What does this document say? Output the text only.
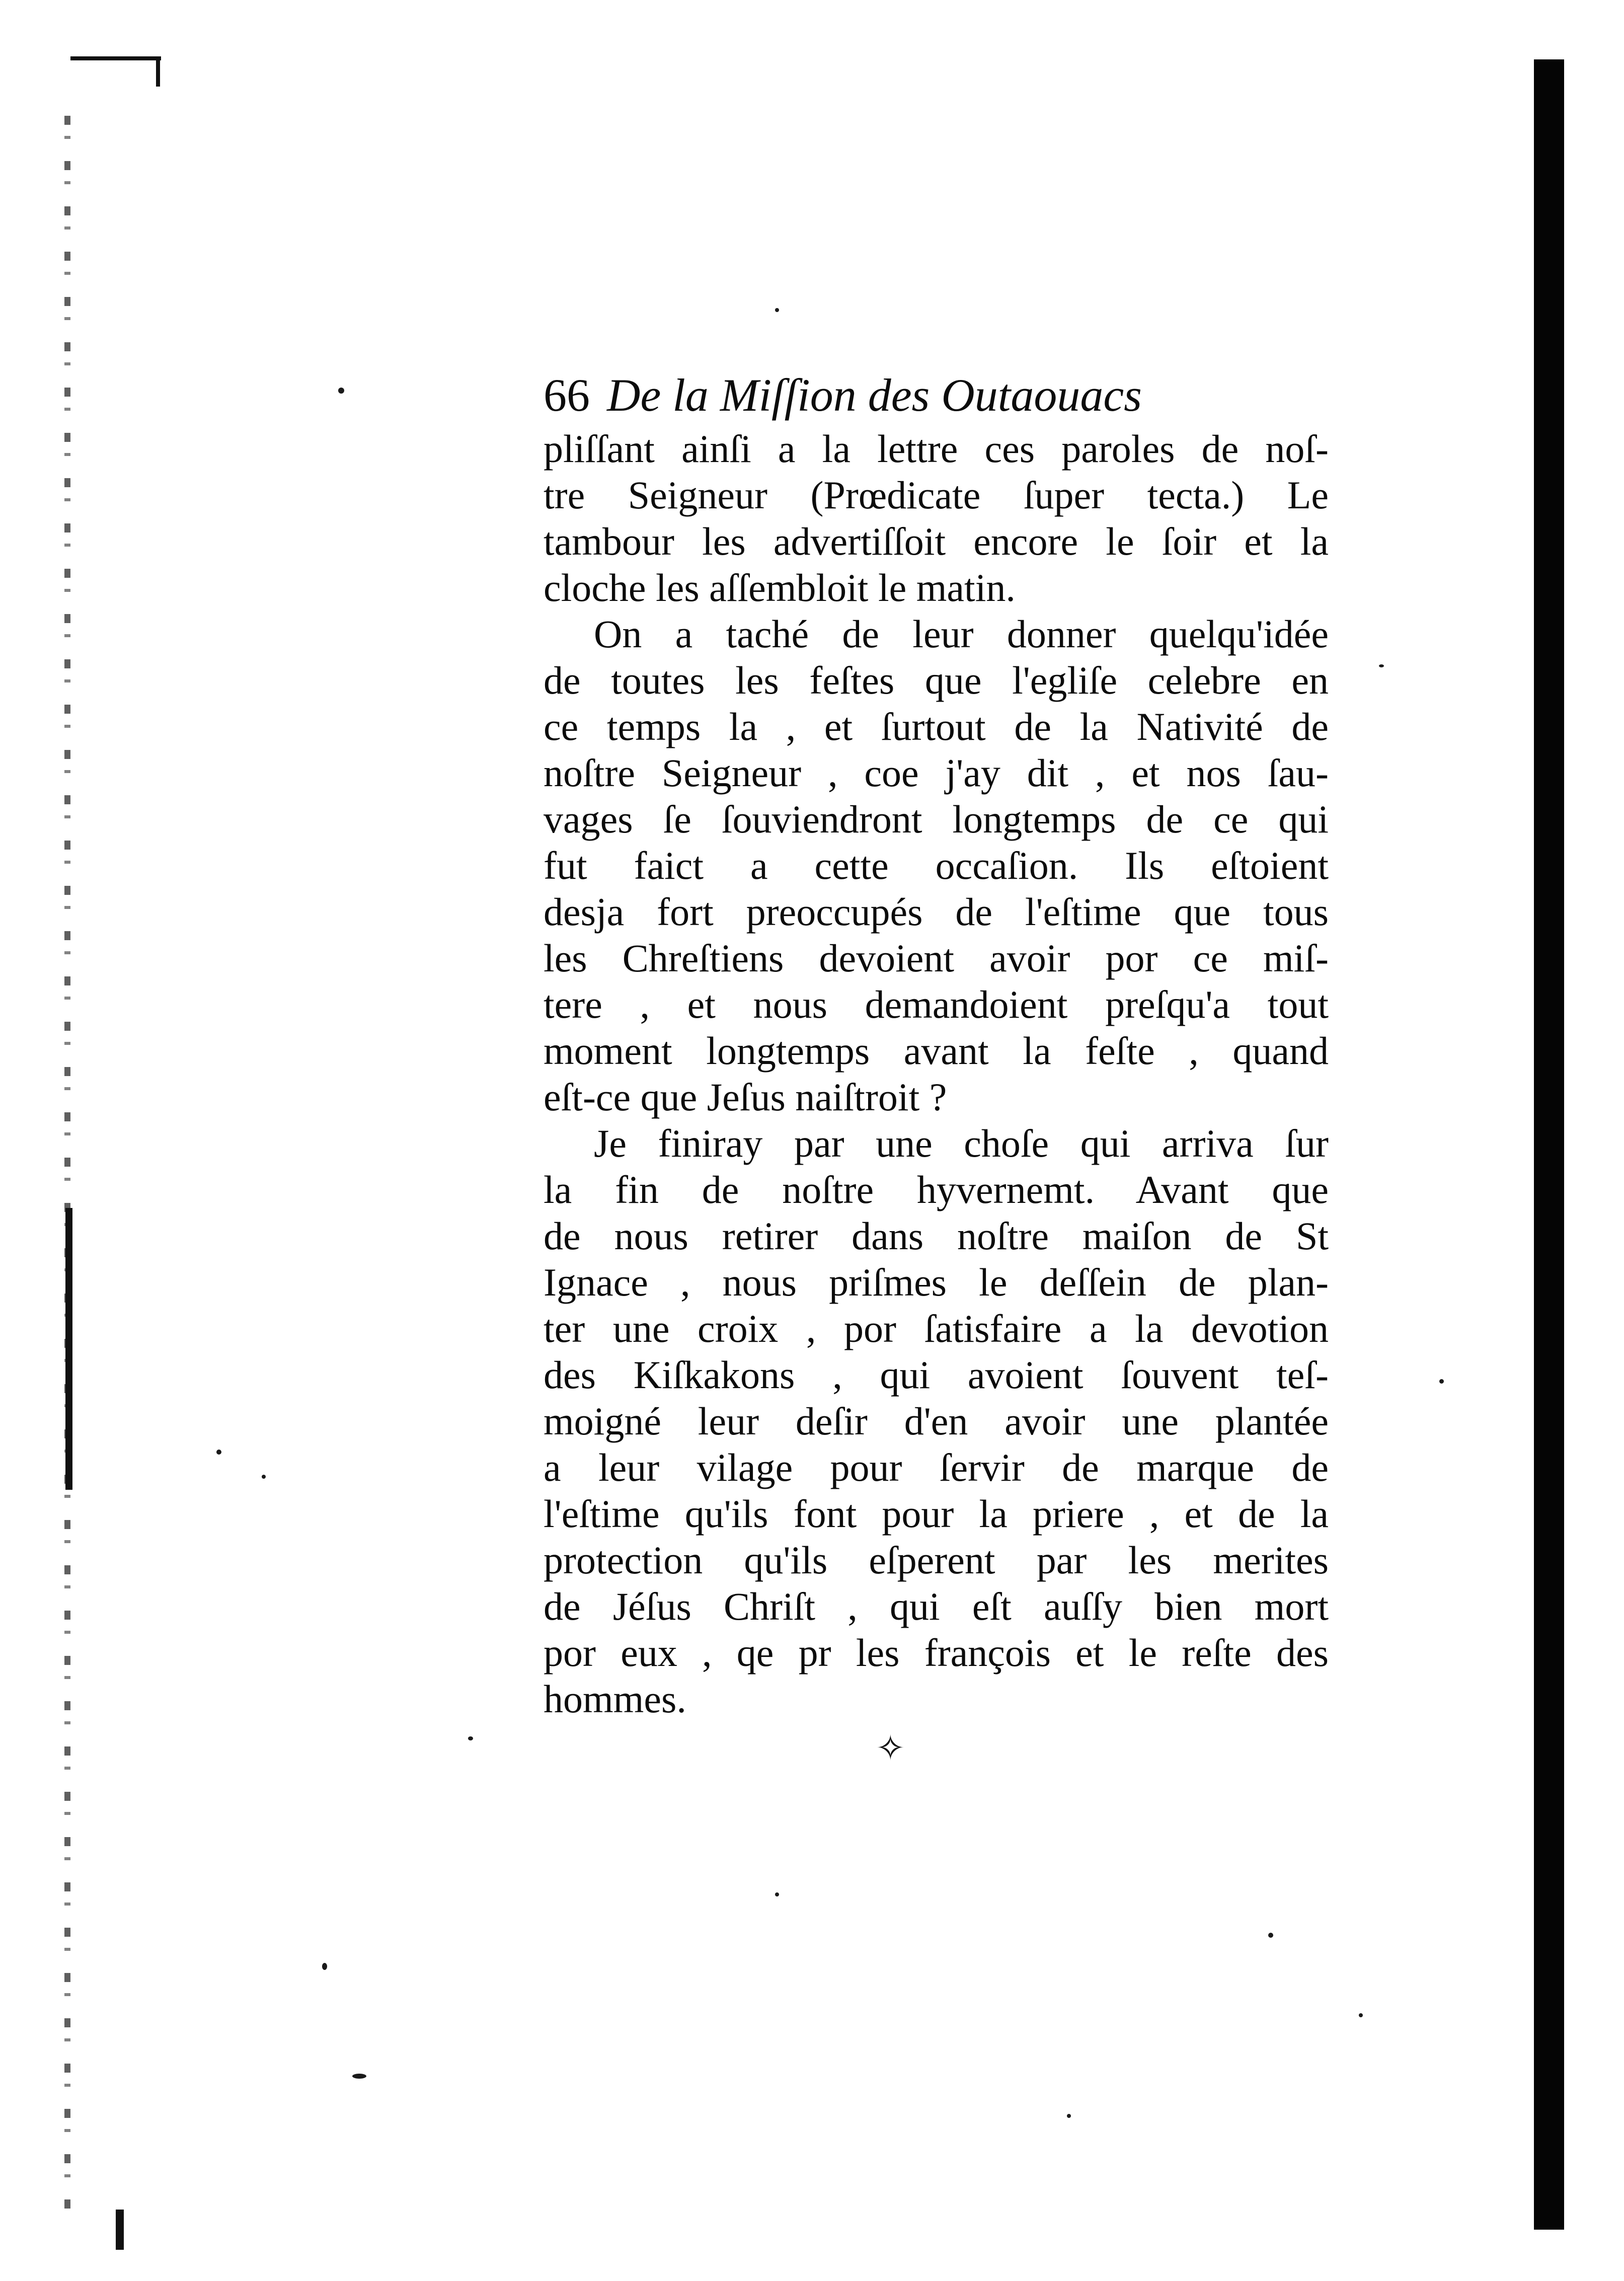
66 De la Miſſion des Outaouacs
pliſſant ainſi a la lettre ces paroles de noſ-
tre Seigneur (Prœdicate ſuper tecta.) Le
tambour les advertiſſoit encore le ſoir et la
cloche les aſſembloit le matin.
On a taché de leur donner quelqu'idée
de toutes les feſtes que l'egliſe celebre en
ce temps la , et ſurtout de la Nativité de
noſtre Seigneur , coe j'ay dit , et nos ſau-
vages ſe ſouviendront longtemps de ce qui
fut faict a cette occaſion. Ils eſtoient
desja fort preoccupés de l'eſtime que tous
les Chreſtiens devoient avoir por ce miſ-
tere , et nous demandoient preſqu'a tout
moment longtemps avant la feſte , quand
eſt-ce que Jeſus naiſtroit ?
Je finiray par une choſe qui arriva ſur
la fin de noſtre hyvernemt. Avant que
de nous retirer dans noſtre maiſon de St
Ignace , nous priſmes le deſſein de plan-
ter une croix , por ſatisfaire a la devotion
des Kiſkakons , qui avoient ſouvent teſ-
moigné leur deſir d'en avoir une plantée
a leur vilage pour ſervir de marque de
l'eſtime qu'ils font pour la priere , et de la
protection qu'ils eſperent par les merites
de Jéſus Chriſt , qui eſt auſſy bien mort
por eux , qe pr les françois et le reſte des
hommes.
✧
